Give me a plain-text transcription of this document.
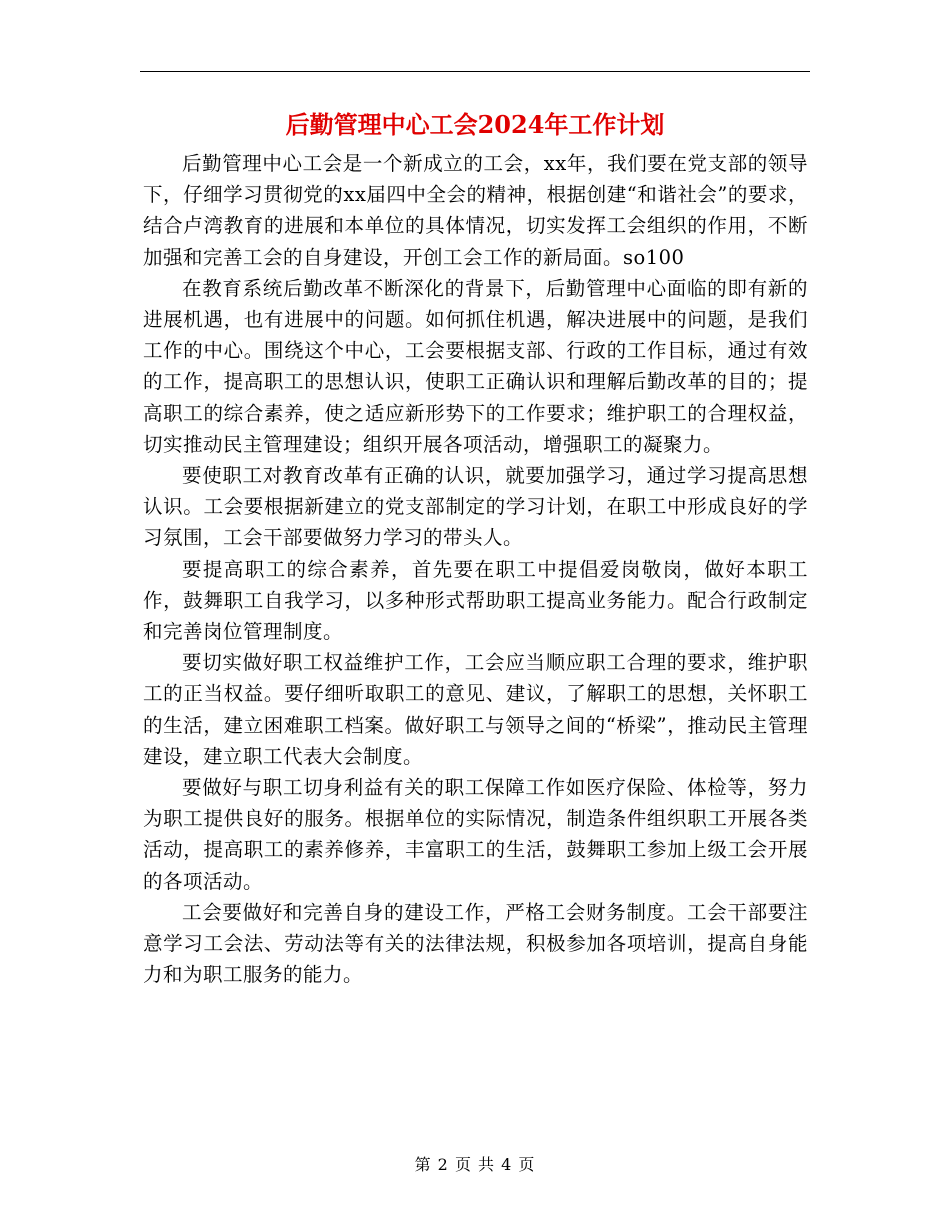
后勤管理中心工会2024年工作计划

后勤管理中心工会是一个新成立的工会，xx年，我们要在党支部的领导下，仔细学习贯彻党的xx届四中全会的精神，根据创建“和谐社会”的要求，结合卢湾教育的进展和本单位的具体情况，切实发挥工会组织的作用，不断加强和完善工会的自身建设，开创工会工作的新局面。so100

在教育系统后勤改革不断深化的背景下，后勤管理中心面临的即有新的进展机遇，也有进展中的问题。如何抓住机遇，解决进展中的问题，是我们工作的中心。围绕这个中心，工会要根据支部、行政的工作目标，通过有效的工作，提高职工的思想认识，使职工正确认识和理解后勤改革的目的；提高职工的综合素养，使之适应新形势下的工作要求；维护职工的合理权益，切实推动民主管理建设；组织开展各项活动，增强职工的凝聚力。

要使职工对教育改革有正确的认识，就要加强学习，通过学习提高思想认识。工会要根据新建立的党支部制定的学习计划，在职工中形成良好的学习氛围，工会干部要做努力学习的带头人。

要提高职工的综合素养，首先要在职工中提倡爱岗敬岗，做好本职工作，鼓舞职工自我学习，以多种形式帮助职工提高业务能力。配合行政制定和完善岗位管理制度。

要切实做好职工权益维护工作，工会应当顺应职工合理的要求，维护职工的正当权益。要仔细听取职工的意见、建议，了解职工的思想，关怀职工的生活，建立困难职工档案。做好职工与领导之间的“桥梁”，推动民主管理建设，建立职工代表大会制度。

要做好与职工切身利益有关的职工保障工作如医疗保险、体检等，努力为职工提供良好的服务。根据单位的实际情况，制造条件组织职工开展各类活动，提高职工的素养修养，丰富职工的生活，鼓舞职工参加上级工会开展的各项活动。

工会要做好和完善自身的建设工作，严格工会财务制度。工会干部要注意学习工会法、劳动法等有关的法律法规，积极参加各项培训，提高自身能力和为职工服务的能力。

第 2 页 共 4 页
